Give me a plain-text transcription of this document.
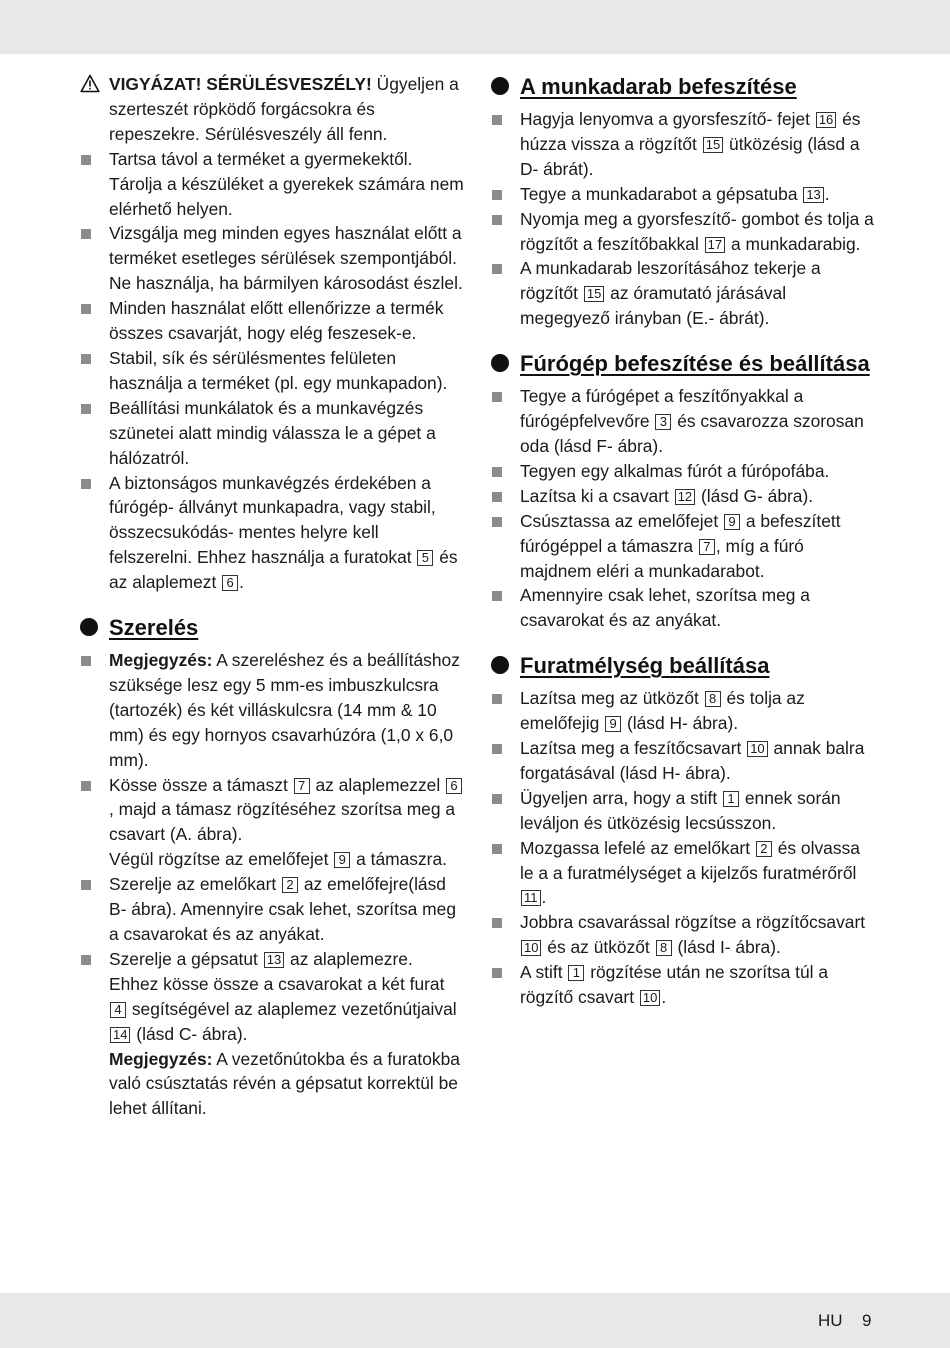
VIGYÁZAT! SÉRÜLÉSVESZÉLY! Ügyeljen a szerteszét röpködő forgácsokra és repeszekre. Sérülésveszély áll fenn.
Tartsa távol a terméket a gyermekektől. Tárolja a készüléket a gyerekek számára nem elérhető helyen.
Vizsgálja meg minden egyes használat előtt a terméket esetleges sérülések szempontjából. Ne használja, ha bármilyen károsodást észlel.
Minden használat előtt ellenőrizze a termék összes csavarját, hogy elég feszesek-e.
Stabil, sík és sérülésmentes felületen használja a terméket (pl. egy munkapadon).
Beállítási munkálatok és a munkavégzés szünetei alatt mindig válassza le a gépet a hálózatról.
A biztonságos munkavégzés érdekében a fúrógép- állványt munkapadra, vagy stabil, összecsukódás- mentes helyre kell felszerelni. Ehhez használja a furatokat 5 és az alaplemezt 6 .
Szerelés
Megjegyzés: A szereléshez és a beállításhoz szüksége lesz egy 5 mm-es imbuszkulcsra (tartozék) és két villáskulcsra (14 mm & 10 mm) és egy hornyos csavarhúzóra (1,0 x 6,0 mm).
Kösse össze a támaszt 7 az alaplemezzel 6, majd a támasz rögzítéséhez szorítsa meg a csavart (A. ábra).
Végül rögzítse az emelőfejet 9 a támaszra.
Szerelje az emelőkart 2 az emelőfejre(lásd B- ábra). Amennyire csak lehet, szorítsa meg a csavarokat és az anyákat.
Szerelje a gépsatut 13 az alaplemezre. Ehhez kösse össze a csavarokat a két furat 4 segítségével az alaplemez vezetőnútjaival 14 (lásd C- ábra).
Megjegyzés: A vezetőnútokba és a furatokba való csúsztatás révén a gépsatut korrektül be lehet állítani.
A munkadarab befeszítése
Hagyja lenyomva a gyorsfeszítő- fejet 16 és húzza vissza a rögzítőt 15 ütközésig (lásd a D- ábrát).
Tegye a munkadarabot a gépsatuba 13 .
Nyomja meg a gyorsfeszítő- gombot és tolja a rögzítőt a feszítőbakkal 17 a munkadarabig.
A munkadarab leszorításához tekerje a rögzítőt 15 az óramutató járásával megegyező irányban (E.- ábrát).
Fúrógép befeszítése és beállítása
Tegye a fúrógépet a feszítőnyakkal a fúrógépfelvevőre 3 és csavarozza szorosan oda (lásd F- ábra).
Tegyen egy alkalmas fúrót a fúrópofába.
Lazítsa ki a csavart 12 (lásd G- ábra).
Csúsztassa az emelőfejet 9 a befeszített fúrógéppel a támaszra 7 , míg a fúró majdnem eléri a munkadarabot.
Amennyire csak lehet, szorítsa meg a csavarokat és az anyákat.
Furatmélység beállítása
Lazítsa meg az ütközőt 8 és tolja az emelőfejig 9 (lásd H- ábra).
Lazítsa meg a feszítőcsavart 10 annak balra forgatásával (lásd H- ábra).
Ügyeljen arra, hogy a stift 1 ennek során leváljon és ütközésig lecsússzon.
Mozgassa lefelé az emelőkart 2 és olvassa le a a furatmélységet a kijelzős furatmérőről 11 .
Jobbra csavarással rögzítse a rögzítőcsavart 10 és az ütközőt 8 (lásd I- ábra).
A stift 1 rögzítése után ne szorítsa túl a rögzítő csavart 10 .
HU 9
